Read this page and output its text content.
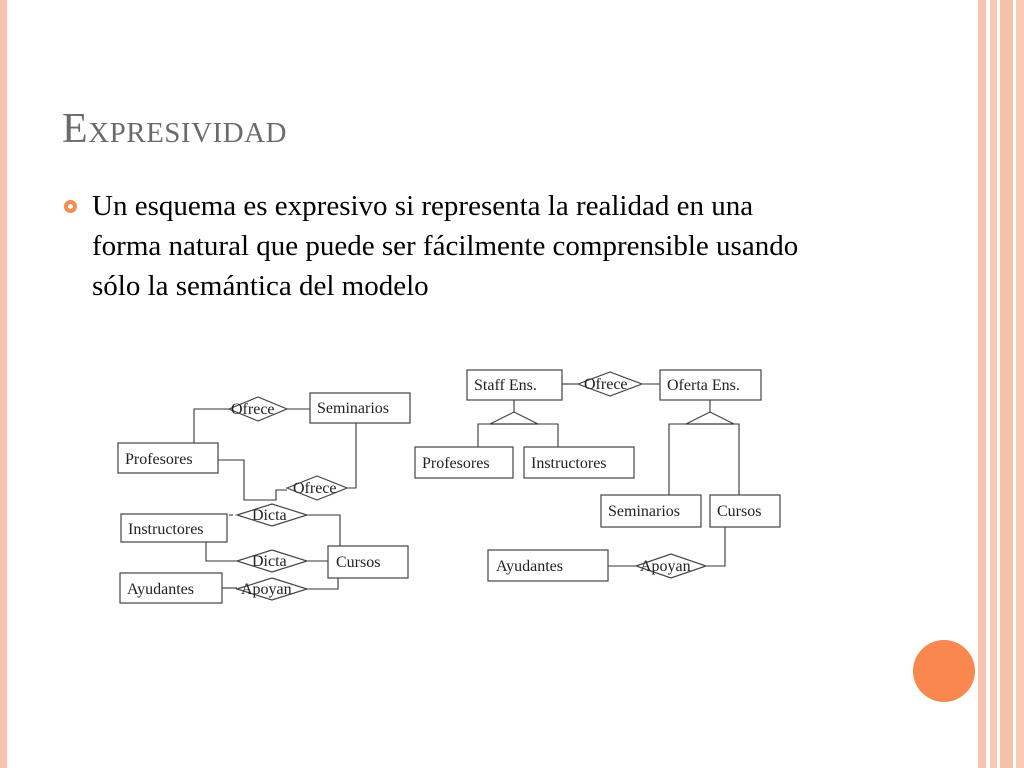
Expresividad
Un esquema es expresivo si representa la realidad en una forma natural que puede ser fácilmente comprensible usando sólo la semántica del modelo
Seminarios
Profesores
Instructores
Cursos
Ayudantes
Ofrece
Ofrece
Dicta
Dicta
Apoyan
Staff Ens.	Oferta Ens.
Profesores	Instructores
Seminarios Cursos
Ayudantes
Ofrece
Apoyan
